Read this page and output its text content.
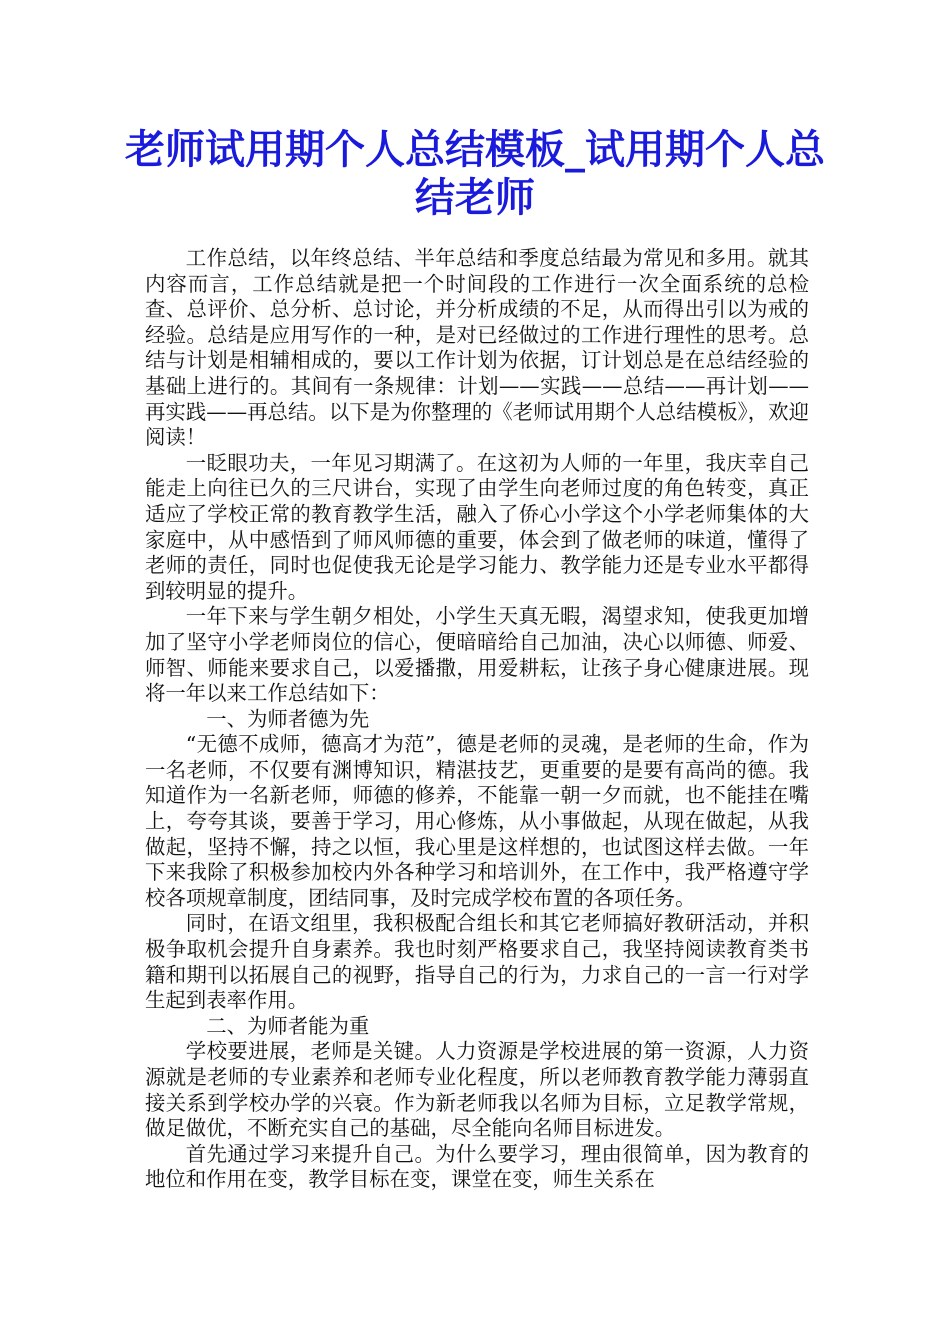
老师试用期个人总结模板_试用期个人总结老师

工作总结，以年终总结、半年总结和季度总结最为常见和多用。就其内容而言，工作总结就是把一个时间段的工作进行一次全面系统的总检查、总评价、总分析、总讨论，并分析成绩的不足，从而得出引以为戒的经验。总结是应用写作的一种，是对已经做过的工作进行理性的思考。总结与计划是相辅相成的，要以工作计划为依据，订计划总是在总结经验的基础上进行的。其间有一条规律：计划——实践——总结——再计划——再实践——再总结。以下是为你整理的《老师试用期个人总结模板》，欢迎阅读！

一眨眼功夫，一年见习期满了。在这初为人师的一年里，我庆幸自己能走上向往已久的三尺讲台，实现了由学生向老师过度的角色转变，真正适应了学校正常的教育教学生活，融入了侨心小学这个小学老师集体的大家庭中，从中感悟到了师风师德的重要，体会到了做老师的味道，懂得了老师的责任，同时也促使我无论是学习能力、教学能力还是专业水平都得到较明显的提升。

一年下来与学生朝夕相处，小学生天真无暇，渴望求知，使我更加增加了坚守小学老师岗位的信心，便暗暗给自己加油，决心以师德、师爱、师智、师能来要求自己，以爱播撒，用爱耕耘，让孩子身心健康进展。现将一年以来工作总结如下：

一、为师者德为先

“无德不成师，德高才为范”，德是老师的灵魂，是老师的生命，作为一名老师，不仅要有渊博知识，精湛技艺，更重要的是要有高尚的德。我知道作为一名新老师，师德的修养，不能靠一朝一夕而就，也不能挂在嘴上，夸夸其谈，要善于学习，用心修炼，从小事做起，从现在做起，从我做起，坚持不懈，持之以恒，我心里是这样想的，也试图这样去做。一年下来我除了积极参加校内外各种学习和培训外，在工作中，我严格遵守学校各项规章制度，团结同事，及时完成学校布置的各项任务。

同时，在语文组里，我积极配合组长和其它老师搞好教研活动，并积极争取机会提升自身素养。我也时刻严格要求自己，我坚持阅读教育类书籍和期刊以拓展自己的视野，指导自己的行为，力求自己的一言一行对学生起到表率作用。

二、为师者能为重

学校要进展，老师是关键。人力资源是学校进展的第一资源，人力资源就是老师的专业素养和老师专业化程度，所以老师教育教学能力薄弱直接关系到学校办学的兴衰。作为新老师我以名师为目标，立足教学常规，做足做优，不断充实自己的基础，尽全能向名师目标进发。

首先通过学习来提升自己。为什么要学习，理由很简单，因为教育的地位和作用在变，教学目标在变，课堂在变，师生关系在
